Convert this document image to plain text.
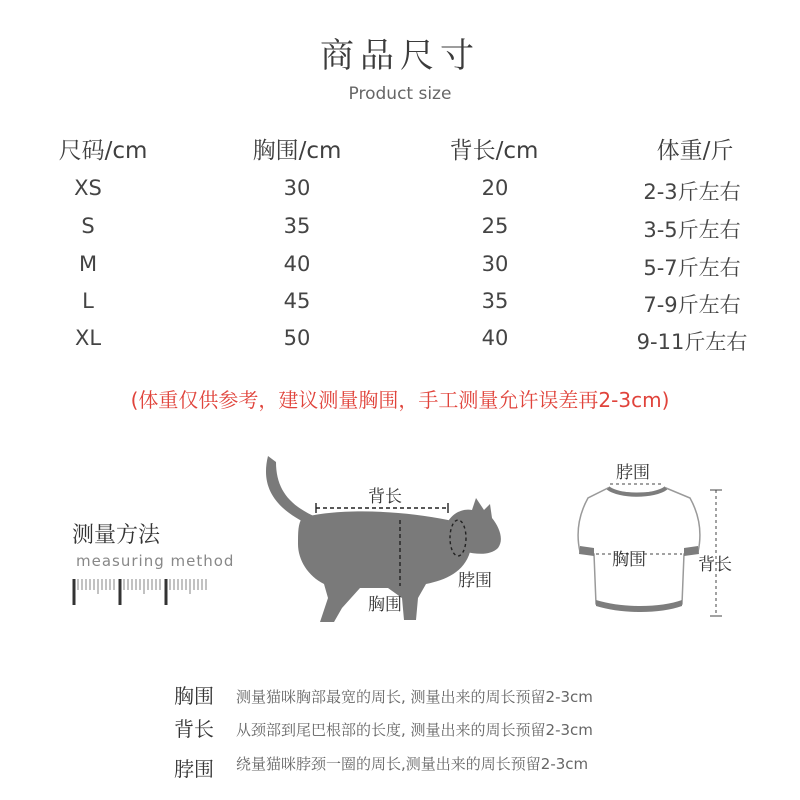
商品尺寸
Product size
尺码/cm	胸围/cm	背长/cm	体重/斤
XS	30	20	2-3斤左右
S	35	25	3-5斤左右
M	40	30	5-7斤左右
L	45	35	7-9斤左右
XL	50	40	9-11斤左右
(体重仅供参考，建议测量胸围，手工测量允许误差再2-3cm)
测量方法
measuring method
背长
脖围
胸围
脖围
胸围	背长
胸围 测量猫咪胸部最宽的周长, 测量出来的周长预留2-3cm
背长 从颈部到尾巴根部的长度, 测量出来的周长预留2-3cm
脖围 绕量猫咪脖颈一圈的周长,测量出来的周长预留2-3cm
